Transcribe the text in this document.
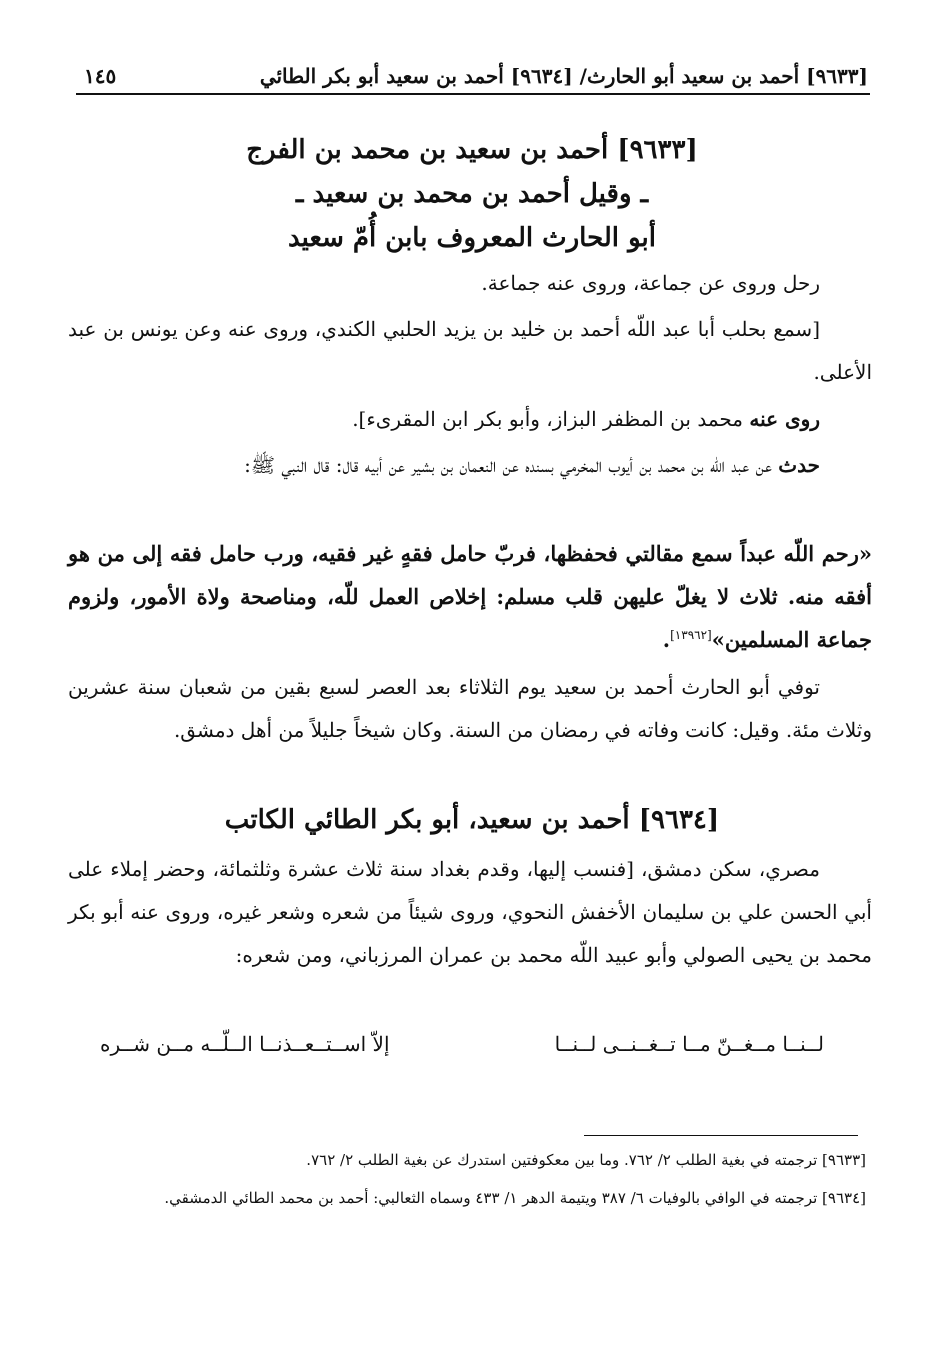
[٩٦٣٣] أحمد بن سعيد أبو الحارث/ [٩٦٣٤] أحمد بن سعيد أبو بكر الطائي
١٤٥
[٩٦٣٣] أحمد بن سعيد بن محمد بن الفرج
ـ وقيل أحمد بن محمد بن سعيد ـ
أبو الحارث المعروف بابن أُمّ سعيد
رحل وروى عن جماعة، وروى عنه جماعة.
[سمع بحلب أبا عبد اللّه أحمد بن خليد بن يزيد الحلبي الكندي، وروى عنه وعن يونس بن عبد الأعلى.
روى عنه محمد بن المظفر البزاز، وأبو بكر ابن المقرىء].
حدث عن عبد اللّه بن محمد بن أيوب المخرمي بسنده عن النعمان بن بشير عن أبيه قال: قال النبي ﷺ:
«رحم اللّه عبداً سمع مقالتي فحفظها، فربّ حامل فقهٍ غير فقيه، ورب حامل فقه إلى من هو أفقه منه. ثلاث لا يغلّ عليهن قلب مسلم: إخلاص العمل للّه، ومناصحة ولاة الأمور، ولزوم جماعة المسلمين»[١٣٩٦٢].
توفي أبو الحارث أحمد بن سعيد يوم الثلاثاء بعد العصر لسبع بقين من شعبان سنة عشرين وثلاث مئة. وقيل: كانت وفاته في رمضان من السنة. وكان شيخاً جليلاً من أهل دمشق.
[٩٦٣٤] أحمد بن سعيد، أبو بكر الطائي الكاتب
مصري، سكن دمشق، [فنسب إليها، وقدم بغداد سنة ثلاث عشرة وثلثمائة، وحضر إملاء على أبي الحسن علي بن سليمان الأخفش النحوي، وروى شيئاً من شعره وشعر غيره، وروى عنه أبو بكر محمد بن يحيى الصولي وأبو عبيد اللّه محمد بن عمران المرزباني، ومن شعره:
لــنــا مــغــنّ مــا تــغــنــى لــنــا
إلاّ اســتــعــذنــا الــلّــه مــن شــره
[٩٦٣٣] ترجمته في بغية الطلب ٢/ ٧٦٢. وما بين معكوفتين استدرك عن بغية الطلب ٢/ ٧٦٢.
[٩٦٣٤] ترجمته في الوافي بالوفيات ٦/ ٣٨٧ ويتيمة الدهر ١/ ٤٣٣ وسماه الثعالبي: أحمد بن محمد الطائي الدمشقي.
